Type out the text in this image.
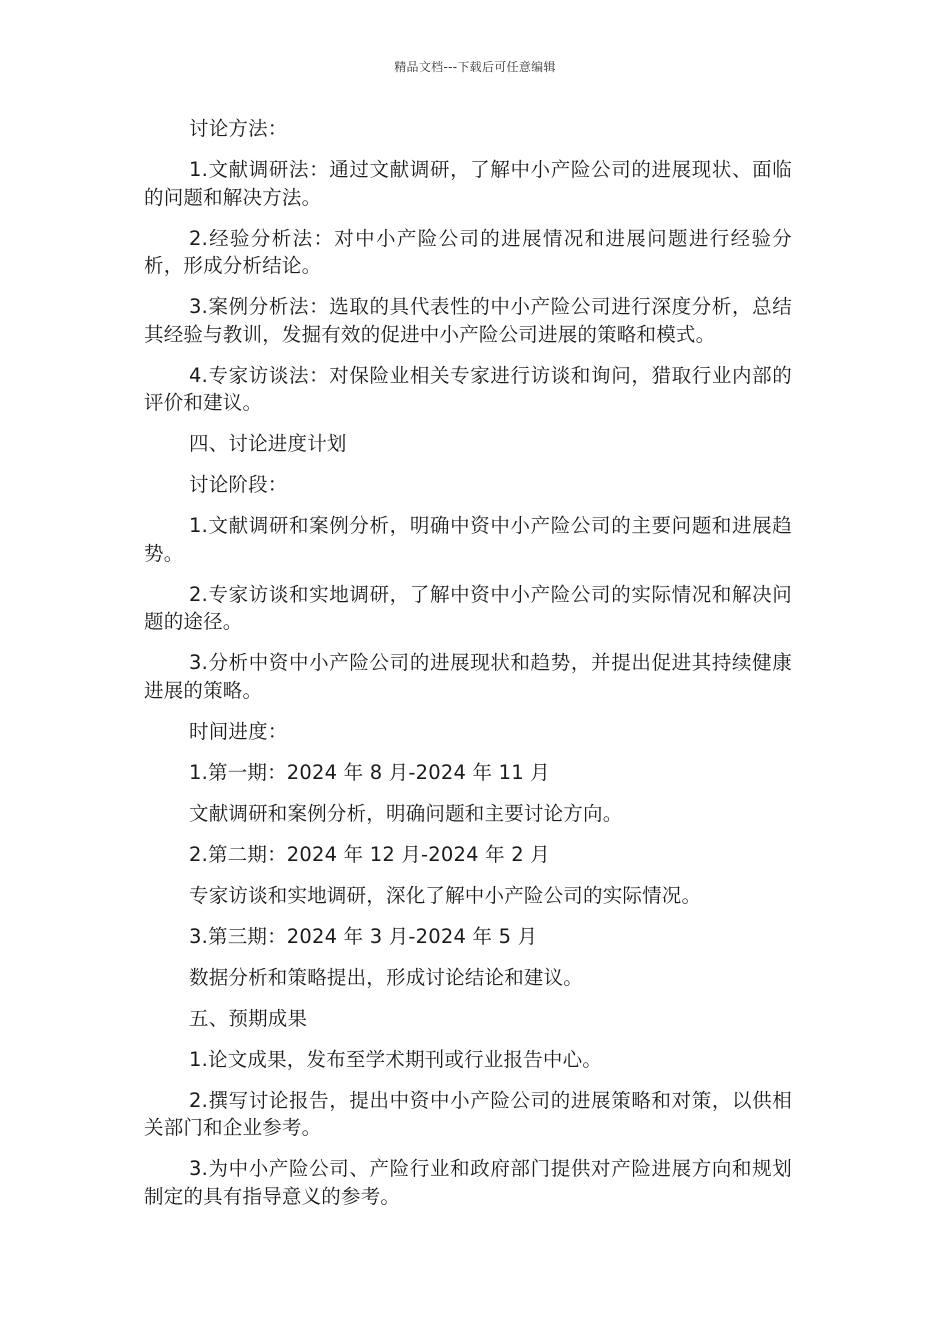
精品文档---下载后可任意编辑

讨论方法：

1.文献调研法：通过文献调研，了解中小产险公司的进展现状、面临的问题和解决方法。

2.经验分析法：对中小产险公司的进展情况和进展问题进行经验分析，形成分析结论。

3.案例分析法：选取的具代表性的中小产险公司进行深度分析，总结其经验与教训，发掘有效的促进中小产险公司进展的策略和模式。

4.专家访谈法：对保险业相关专家进行访谈和询问，猎取行业内部的评价和建议。

四、讨论进度计划

讨论阶段：

1.文献调研和案例分析，明确中资中小产险公司的主要问题和进展趋势。

2.专家访谈和实地调研，了解中资中小产险公司的实际情况和解决问题的途径。

3.分析中资中小产险公司的进展现状和趋势，并提出促进其持续健康进展的策略。

时间进度：

1.第一期：2024 年 8 月-2024 年 11 月

文献调研和案例分析，明确问题和主要讨论方向。

2.第二期：2024 年 12 月-2024 年 2 月

专家访谈和实地调研，深化了解中小产险公司的实际情况。

3.第三期：2024 年 3 月-2024 年 5 月

数据分析和策略提出，形成讨论结论和建议。

五、预期成果

1.论文成果，发布至学术期刊或行业报告中心。

2.撰写讨论报告，提出中资中小产险公司的进展策略和对策，以供相关部门和企业参考。

3.为中小产险公司、产险行业和政府部门提供对产险进展方向和规划制定的具有指导意义的参考。
